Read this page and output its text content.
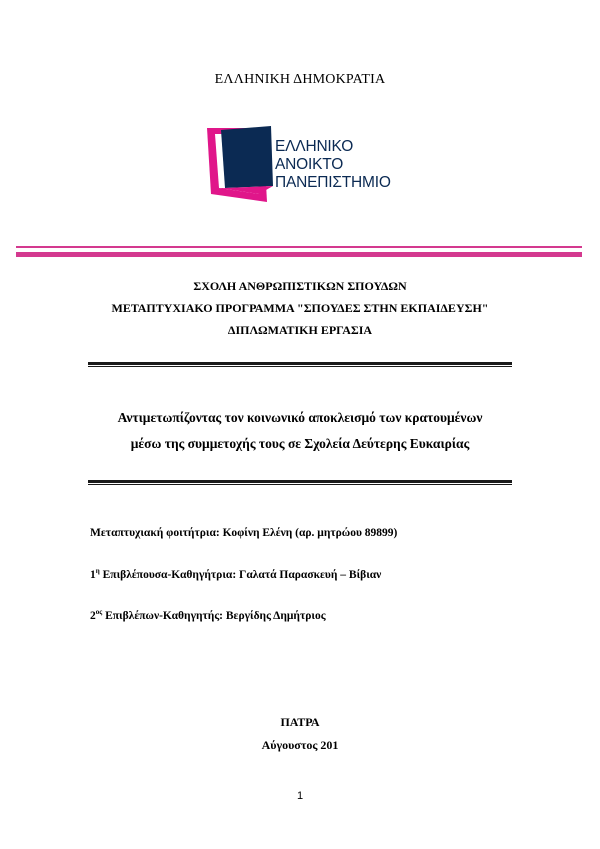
ΕΛΛΗΝΙΚΗ ΔΗΜΟΚΡΑΤΙΑ
ΕΛΛΗΝΙΚΟ
ΑΝΟΙΚΤΟ
ΠΑΝΕΠΙΣΤΗΜΙΟ
ΣΧΟΛΗ ΑΝΘΡΩΠΙΣΤΙΚΩΝ ΣΠΟΥΔΩΝ
ΜΕΤΑΠΤΥΧΙΑΚΟ ΠΡΟΓΡΑΜΜΑ "ΣΠΟΥΔΕΣ ΣΤΗΝ ΕΚΠΑΙΔΕΥΣΗ"
ΔΙΠΛΩΜΑΤΙΚΗ ΕΡΓΑΣΙΑ
Αντιμετωπίζοντας τον κοινωνικό αποκλεισμό των κρατουμένων
μέσω της συμμετοχής τους σε Σχολεία Δεύτερης Ευκαιρίας
Μεταπτυχιακή φοιτήτρια: Κοφίνη Ελένη (αρ. μητρώου 89899)
$1^\eta$ Επιβλέπουσα-Καθηγήτρια: Γαλατά Παρασκευή – Βίβιαν
$2^{o\varsigma}$ Επιβλέπων-Καθηγητής: Βεργίδης Δημήτριος
ΠΑΤΡΑ
Αύγουστος 201
1
